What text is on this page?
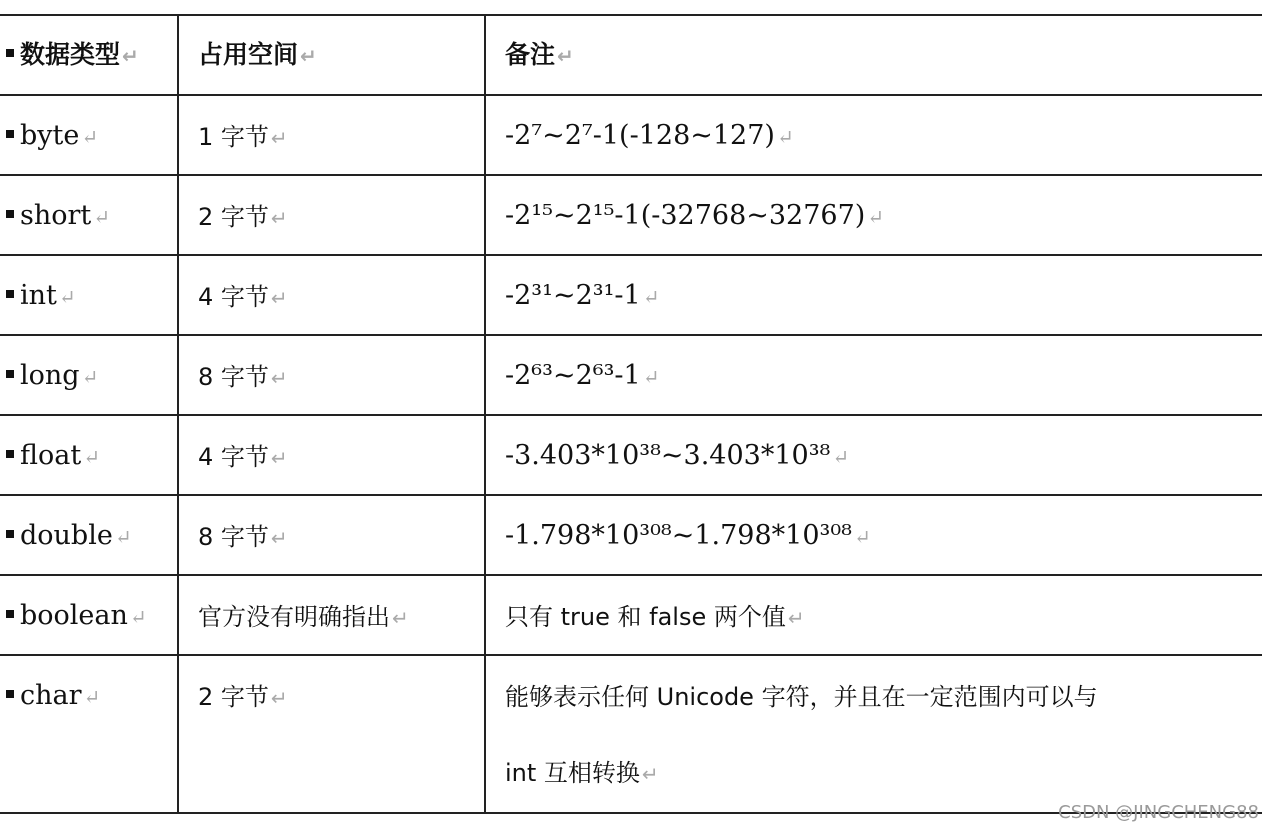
数据类型 ↵ 占用空间 ↵	备注 ↵
byte ↵	1 字节 ↵	-2⁷~2⁷-1(-128~127) ↵
short ↵	2 字节 ↵	-2¹⁵~2¹⁵-1(-32768~32767) ↵
int ↵	4 字节 ↵	-2³¹~2³¹-1 ↵
long ↵	8 字节 ↵	-2⁶³~2⁶³-1 ↵
float ↵	4 字节 ↵	-3.403*10³⁸~3.403*10³⁸ ↵
double ↵	8 字节 ↵	-1.798*10³⁰⁸~1.798*10³⁰⁸ ↵
boolean ↵ 官方没有明确指出 ↵	只有 true 和 false 两个值 ↵
char ↵	2 字节 ↵	能够表示任何 Unicode 字符，并且在一定范围内可以与
int 互相转换 ↵
CSDN @JINGCHENG88
